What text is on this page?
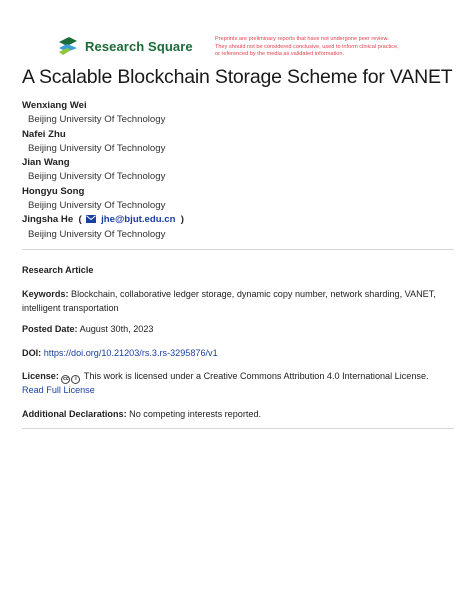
Research Square	Preprints are preliminary reports that have not undergone peer review.
They should not be considered conclusive, used to inform clinical practice,
or referenced by the media as validated information.
A Scalable Blockchain Storage Scheme for VANET
Wenxiang Wei
Beijing University Of Technology
Nafei Zhu
Beijing University Of Technology
Jian Wang
Beijing University Of Technology
Hongyu Song
Beijing University Of Technology
Jingsha He  ( jhe@bjut.edu.cn  )
Beijing University Of Technology
Research Article
Keywords: Blockchain, collaborative ledger storage, dynamic copy number, network sharding, VANET, intelligent transportation
Posted Date: August 30th, 2023
DOI: https://doi.org/10.21203/rs.3.rs-3295876/v1
License: cc i This work is licensed under a Creative Commons Attribution 4.0 International License.
Read Full License
Additional Declarations: No competing interests reported.
